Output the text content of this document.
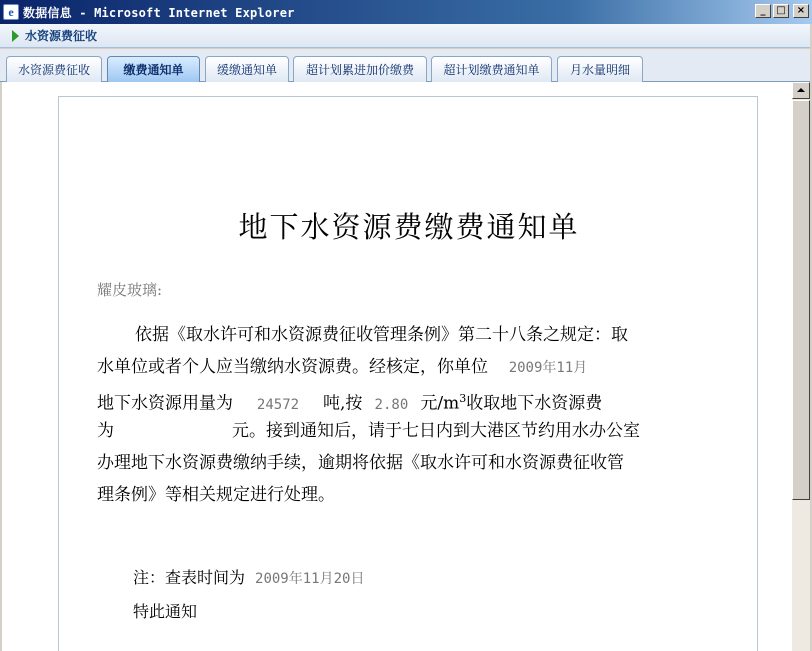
e 数据信息 - Microsoft Internet Explorer	_	□	×
水资源费征收
水资源费征收	缴费通知单	缓缴通知单	超计划累进加价缴费	超计划缴费通知单	月水量明细
地下水资源费缴费通知单
耀皮玻璃:
依据《取水许可和水资源费征收管理条例》第二十八条之规定：取
水单位或者个人应当缴纳水资源费。经核定，你单位 2009年11月
地下水资源用量为 24572 吨,按 2.80 元$/m^3$收取地下水资源费
为	元。接到通知后，请于七日内到大港区节约用水办公室
办理地下水资源费缴纳手续，逾期将依据《取水许可和水资源费征收管
理条例》等相关规定进行处理。
注：查表时间为 2009年11月20日
特此通知
